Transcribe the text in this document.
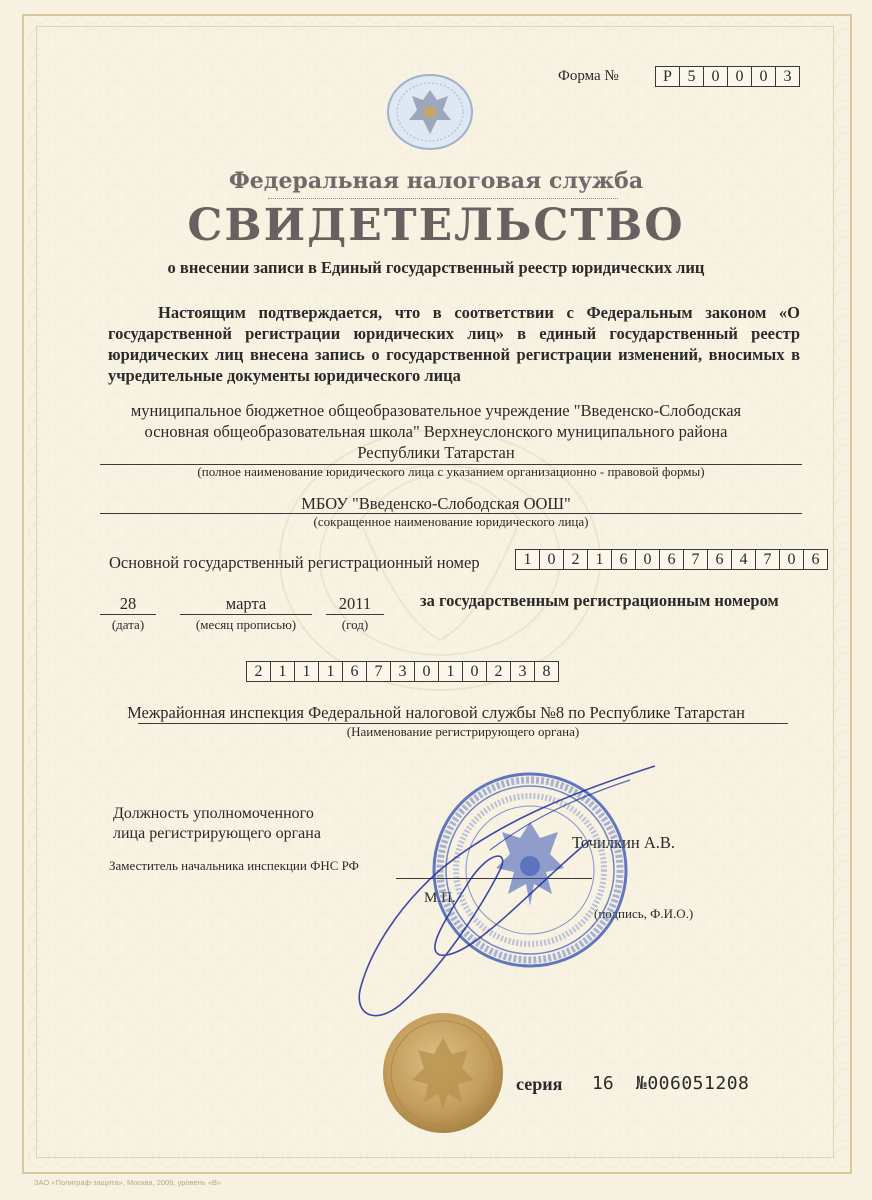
Форма №	Р 5	0	0	0	3
Федеральная налоговая служба
СВИДЕТЕЛЬСТВО
о внесении записи в Единый государственный реестр юридических лиц
Настоящим подтверждается, что в соответствии с Федеральным законом «О государственной регистрации юридических лиц» в единый государственный реестр юридических лиц внесена запись о государственной регистрации изменений, вносимых в учредительные документы юридического лица
муниципальное бюджетное общеобразовательное учреждение "Введенско-Слободская
основная общеобразовательная школа" Верхнеуслонского муниципального района
Республики Татарстан
(полное наименование юридического лица с указанием организационно - правовой формы)
МБОУ "Введенско-Слободская ООШ"
(сокращенное наименование юридического лица)
Основной государственный регистрационный номер	1	0	2	1	6	0	6	7	6	4	7	0	6
28
(дата)
марта
(месяц прописью)
2011
(год)
за государственным регистрационным номером
2	1	1	1	6	7	3	0	1	0	2	3	8
Межрайонная инспекция Федеральной налоговой службы №8 по Республике Татарстан
(Наименование регистрирующего органа)
Должность уполномоченного
лица регистрирующего органа
Заместитель начальника инспекции ФНС РФ
Точилкин А.В.
М.П.
(подпись, Ф.И.О.)
серия 16 №006051208
ЗАО «Полиграф-защита», Москва, 2009, уровень «В»
